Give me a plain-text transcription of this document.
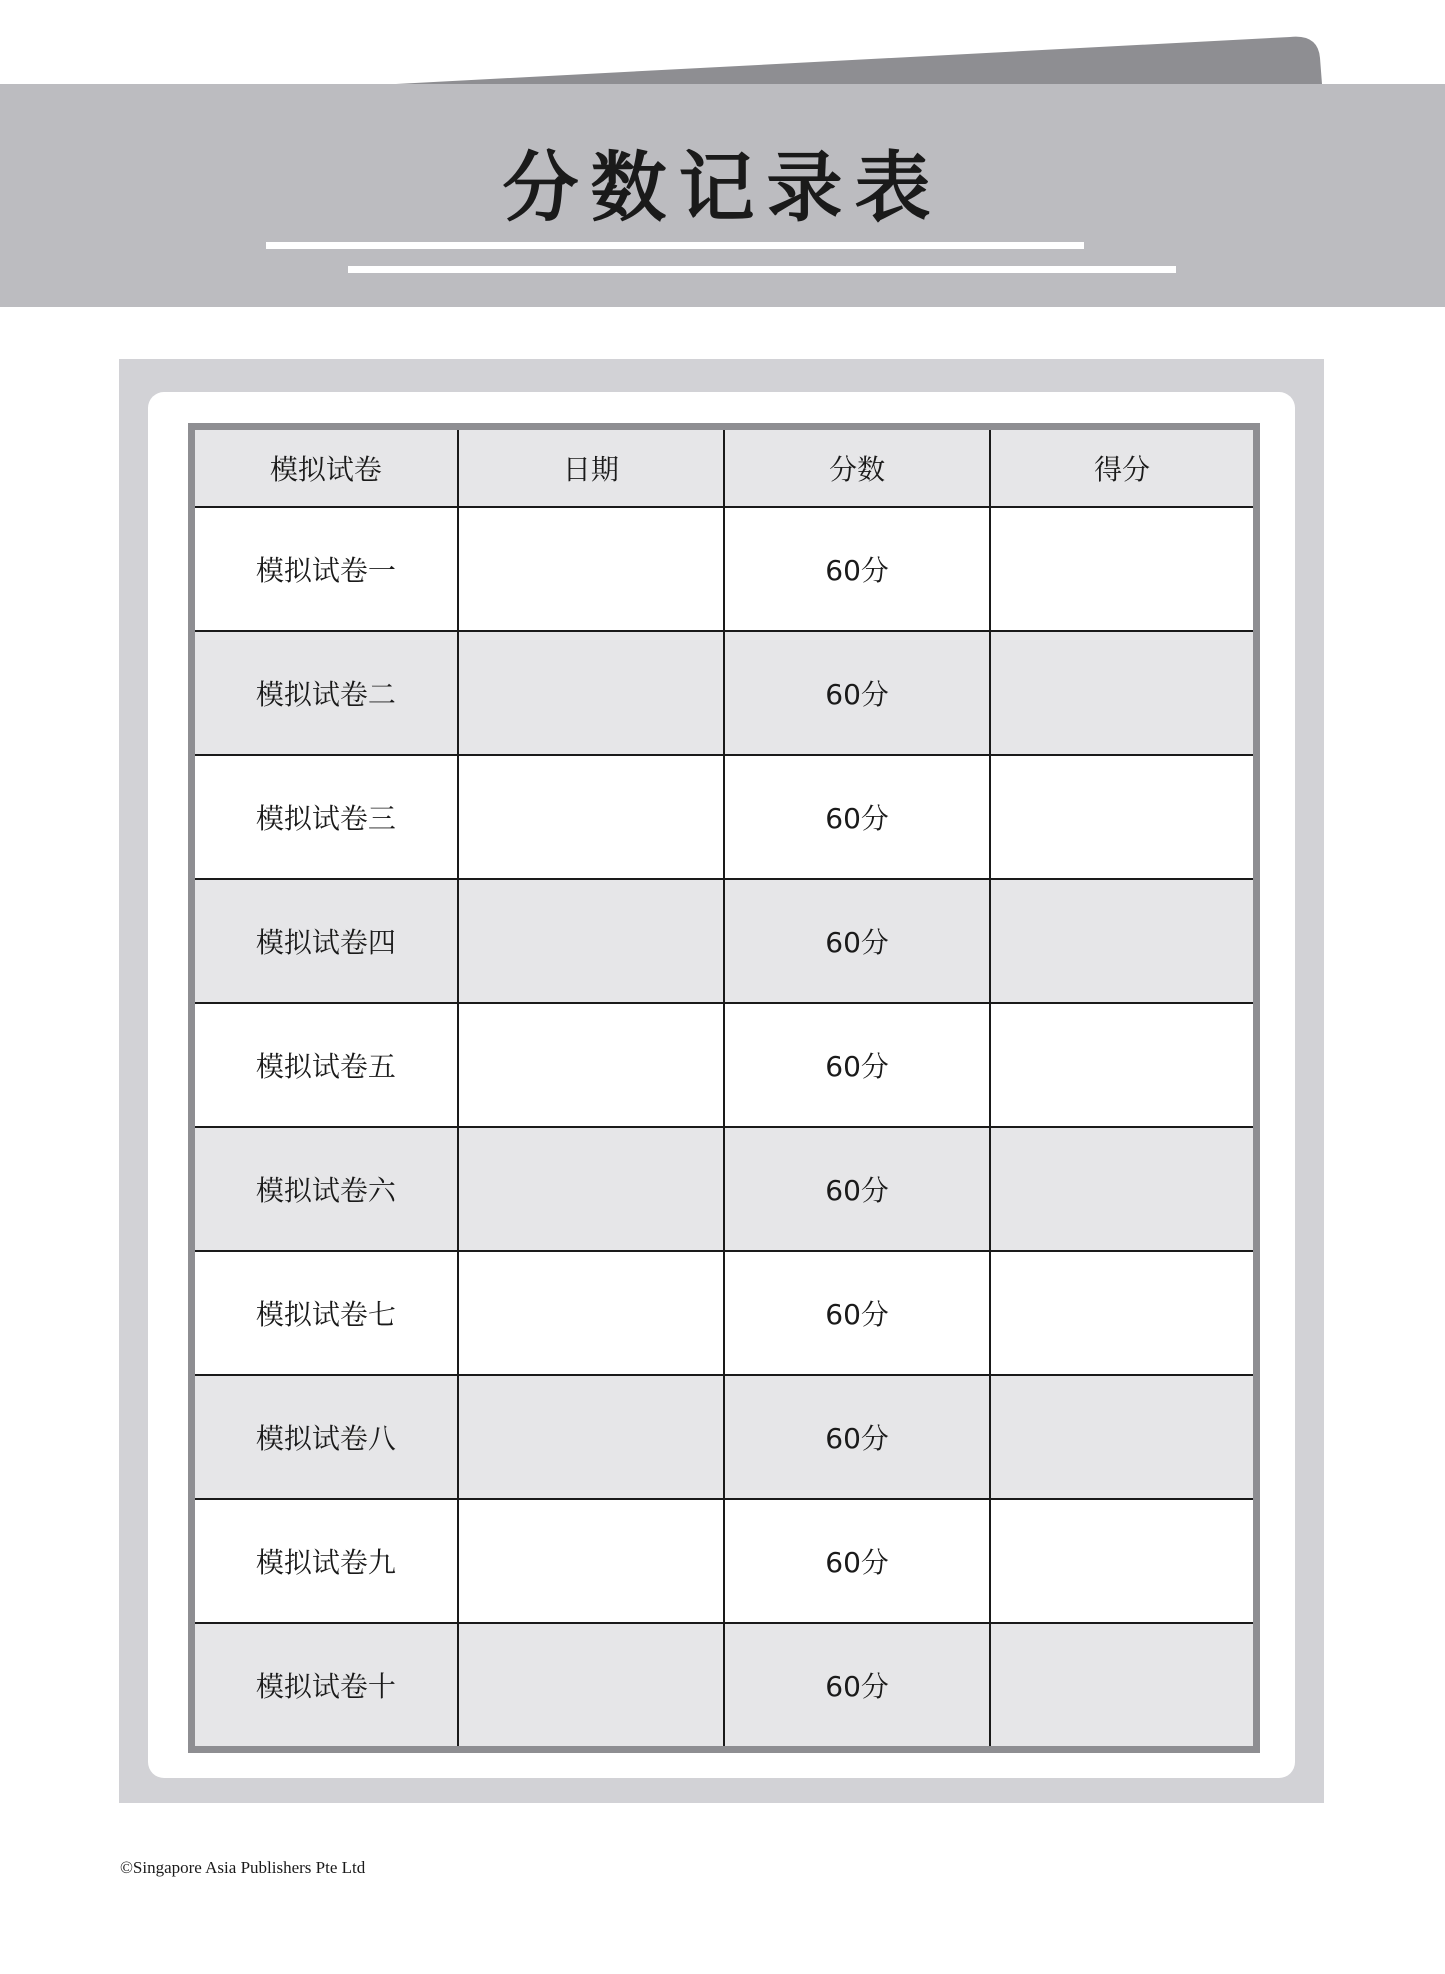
分数记录表
模拟试卷	日期	分数	得分
模拟试卷一		60分	
模拟试卷二		60分	
模拟试卷三		60分	
模拟试卷四		60分	
模拟试卷五		60分	
模拟试卷六		60分	
模拟试卷七		60分	
模拟试卷八		60分	
模拟试卷九		60分	
模拟试卷十		60分	
©Singapore Asia Publishers Pte Ltd
